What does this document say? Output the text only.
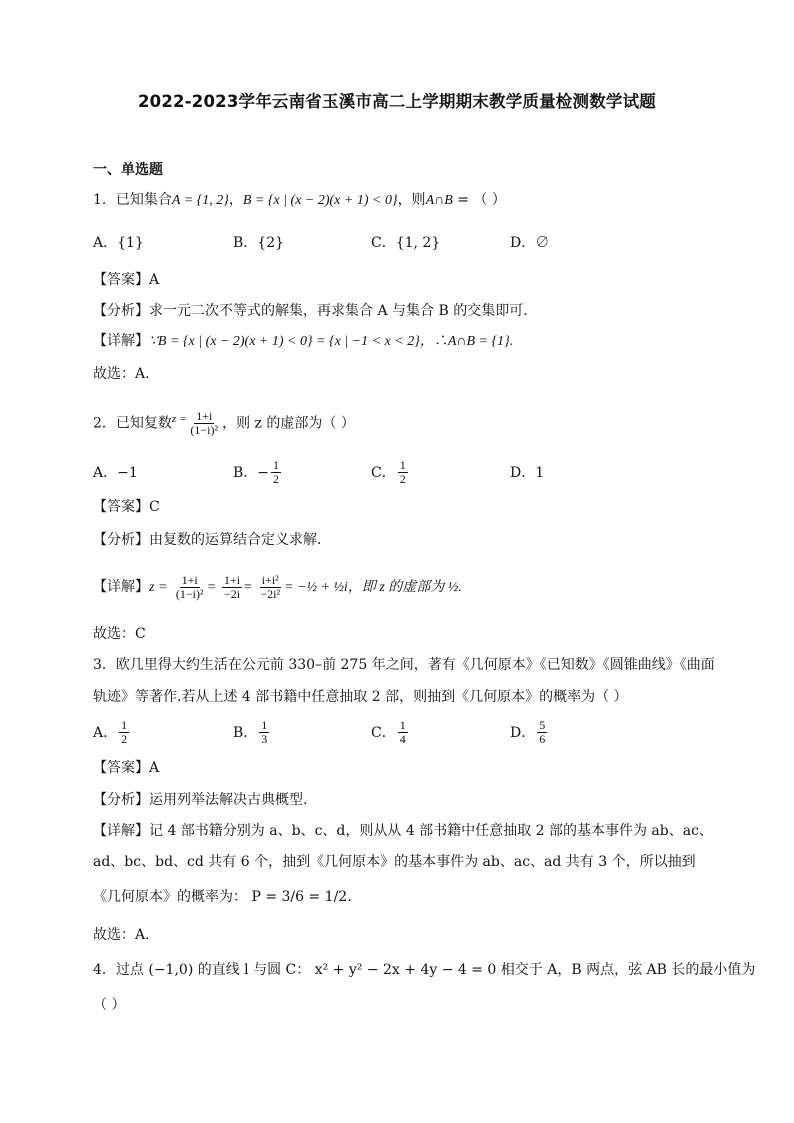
2022-2023学年云南省玉溪市高二上学期期末教学质量检测数学试题
一、单选题
1．已知集合A = {1, 2}，B = {x | (x − 2)(x + 1) < 0}，则A∩B = （ ）
A．{1}	B．{2}	C．{1, 2}	D．∅
【答案】A
【分析】求一元二次不等式的解集，再求集合 A 与集合 B 的交集即可.
【详解】∵B = {x | (x − 2)(x + 1) < 0} = {x | −1 < x < 2}，∴A∩B = {1}.
故选：A.
2．已知复数$^{z =} \frac{1+i}{\text{(1−i)²}}$ ，则 z 的虚部为（ ）
A．−1	B．− $\frac{1}{2}$	C． $\frac{1}{2}$	D．1
【答案】C
【分析】由复数的运算结合定义求解.
【详解】$z = \frac{1+i}{\text{(1−i)²}} = \frac{1+i}{-2i} = \frac{\text{i+i²}}{\text{−2i²}}$ = −½ + ½i，即 z 的虚部为 ½.
故选：C
3．欧几里得大约生活在公元前 330–前 275 年之间，著有《几何原本》《已知数》《圆锥曲线》《曲面
轨迹》等著作.若从上述 4 部书籍中任意抽取 2 部，则抽到《几何原本》的概率为（ ）
A． $\frac{1}{2}$	B． $\frac{1}{3}$	C． $\frac{1}{4}$	D． $\frac{5}{6}$
【答案】A
【分析】运用列举法解决古典概型.
【详解】记 4 部书籍分别为 a、b、c、d，则从从 4 部书籍中任意抽取 2 部的基本事件为 ab、ac、
ad、bc、bd、cd 共有 6 个，抽到《几何原本》的基本事件为 ab、ac、ad 共有 3 个，所以抽到
《几何原本》的概率为： P = 3/6 = 1/2.
故选：A.
4．过点 (−1,0) 的直线 l 与圆 C： x² + y² − 2x + 4y − 4 = 0 相交于 A，B 两点，弦 AB 长的最小值为
（ ）
